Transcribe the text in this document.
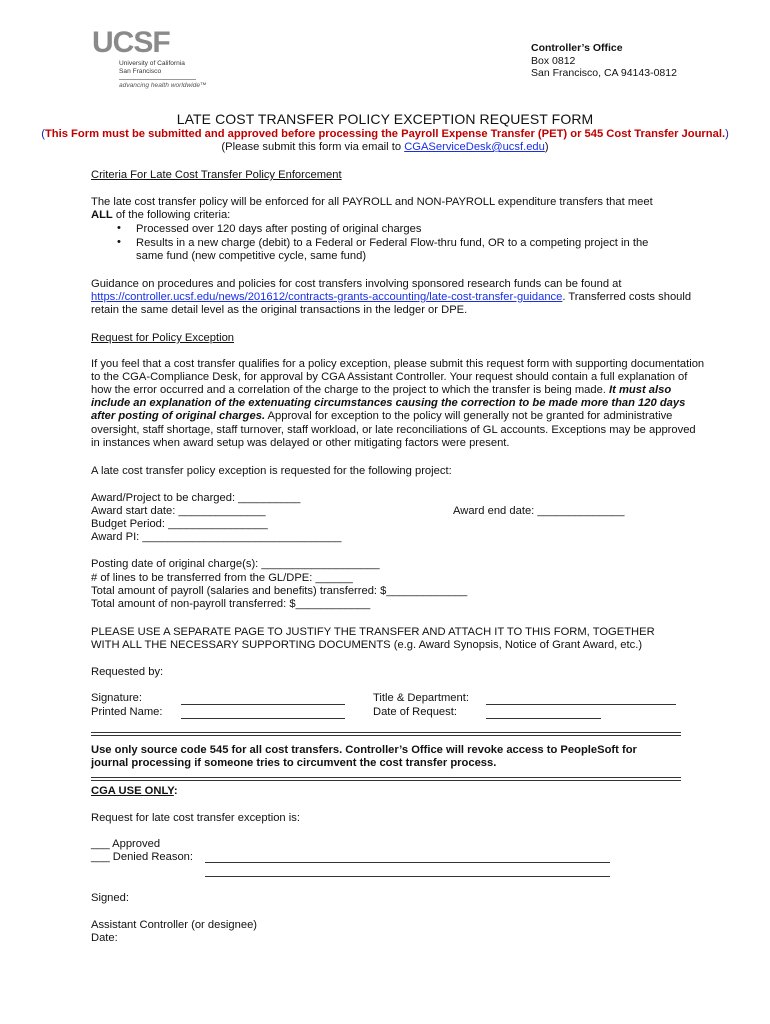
UCSF
University of California
San Francisco
advancing health worldwide™
Controller’s Office
Box 0812
San Francisco, CA 94143-0812
LATE COST TRANSFER POLICY EXCEPTION REQUEST FORM
(This Form must be submitted and approved before processing the Payroll Expense Transfer (PET) or 545 Cost Transfer Journal.)
(Please submit this form via email to CGAServiceDesk@ucsf.edu)
Criteria For Late Cost Transfer Policy Enforcement
The late cost transfer policy will be enforced for all PAYROLL and NON-PAYROLL expenditure transfers that meet
ALL of the following criteria:
• Processed over 120 days after posting of original charges
• Results in a new charge (debit) to a Federal or Federal Flow-thru fund, OR to a competing project in the
same fund (new competitive cycle, same fund)
Guidance on procedures and policies for cost transfers involving sponsored research funds can be found at
https://controller.ucsf.edu/news/201612/contracts-grants-accounting/late-cost-transfer-guidance. Transferred costs should
retain the same detail level as the original transactions in the ledger or DPE.
Request for Policy Exception
If you feel that a cost transfer qualifies for a policy exception, please submit this request form with supporting documentation
to the CGA-Compliance Desk, for approval by CGA Assistant Controller. Your request should contain a full explanation of
how the error occurred and a correlation of the charge to the project to which the transfer is being made. It must also
include an explanation of the extenuating circumstances causing the correction to be made more than 120 days
after posting of original charges. Approval for exception to the policy will generally not be granted for administrative
oversight, staff shortage, staff turnover, staff workload, or late reconciliations of GL accounts. Exceptions may be approved
in instances when award setup was delayed or other mitigating factors were present.
A late cost transfer policy exception is requested for the following project:
Award/Project to be charged: __________
Award start date: ______________	Award end date: ______________
Budget Period: ________________
Award PI: ________________________________
Posting date of original charge(s): ___________________
# of lines to be transferred from the GL/DPE: ______
Total amount of payroll (salaries and benefits) transferred: $_____________
Total amount of non-payroll transferred: $____________
PLEASE USE A SEPARATE PAGE TO JUSTIFY THE TRANSFER AND ATTACH IT TO THIS FORM, TOGETHER
WITH ALL THE NECESSARY SUPPORTING DOCUMENTS (e.g. Award Synopsis, Notice of Grant Award, etc.)
Requested by:
Signature:	Title & Department:
Printed Name:	Date of Request:
Use only source code 545 for all cost transfers. Controller’s Office will revoke access to PeopleSoft for
journal processing if someone tries to circumvent the cost transfer process.
CGA USE ONLY:
Request for late cost transfer exception is:
___ Approved
___ Denied Reason:
Signed:
Assistant Controller (or designee)
Date:
